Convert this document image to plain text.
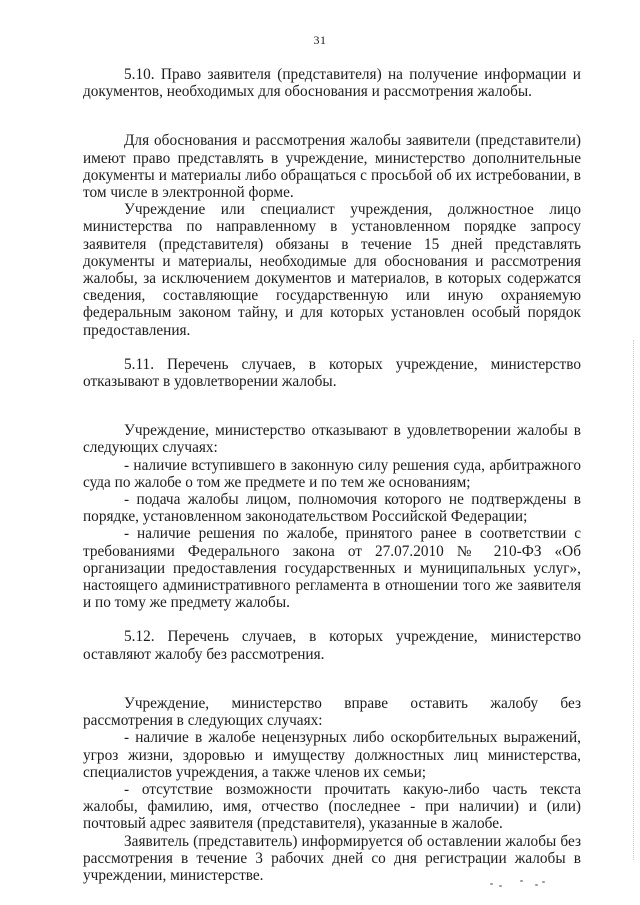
31

5.10. Право заявителя (представителя) на получение информации и документов, необходимых для обоснования и рассмотрения жалобы.

Для обоснования и рассмотрения жалобы заявители (представители) имеют право представлять в учреждение, министерство дополнительные документы и материалы либо обращаться с просьбой об их истребовании, в том числе в электронной форме.

Учреждение или специалист учреждения, должностное лицо министерства по направленному в установленном порядке запросу заявителя (представителя) обязаны в течение 15 дней представлять документы и материалы, необходимые для обоснования и рассмотрения жалобы, за исключением документов и материалов, в которых содержатся сведения, составляющие государственную или иную охраняемую федеральным законом тайну, и для которых установлен особый порядок предоставления.

5.11. Перечень случаев, в которых учреждение, министерство отказывают в удовлетворении жалобы.

Учреждение, министерство отказывают в удовлетворении жалобы в следующих случаях:

- наличие вступившего в законную силу решения суда, арбитражного суда по жалобе о том же предмете и по тем же основаниям;

- подача жалобы лицом, полномочия которого не подтверждены в порядке, установленном законодательством Российской Федерации;

- наличие решения по жалобе, принятого ранее в соответствии с требованиями Федерального закона от 27.07.2010 № 210-ФЗ «Об организации предоставления государственных и муниципальных услуг», настоящего административного регламента в отношении того же заявителя и по тому же предмету жалобы.

5.12. Перечень случаев, в которых учреждение, министерство оставляют жалобу без рассмотрения.

Учреждение, министерство вправе оставить жалобу без рассмотрения в следующих случаях:

- наличие в жалобе нецензурных либо оскорбительных выражений, угроз жизни, здоровью и имуществу должностных лиц министерства, специалистов учреждения, а также членов их семьи;

- отсутствие возможности прочитать какую-либо часть текста жалобы, фамилию, имя, отчество (последнее - при наличии) и (или) почтовый адрес заявителя (представителя), указанные в жалобе.

Заявитель (представитель) информируется об оставлении жалобы без рассмотрения в течение 3 рабочих дней со дня регистрации жалобы в учреждении, министерстве.
